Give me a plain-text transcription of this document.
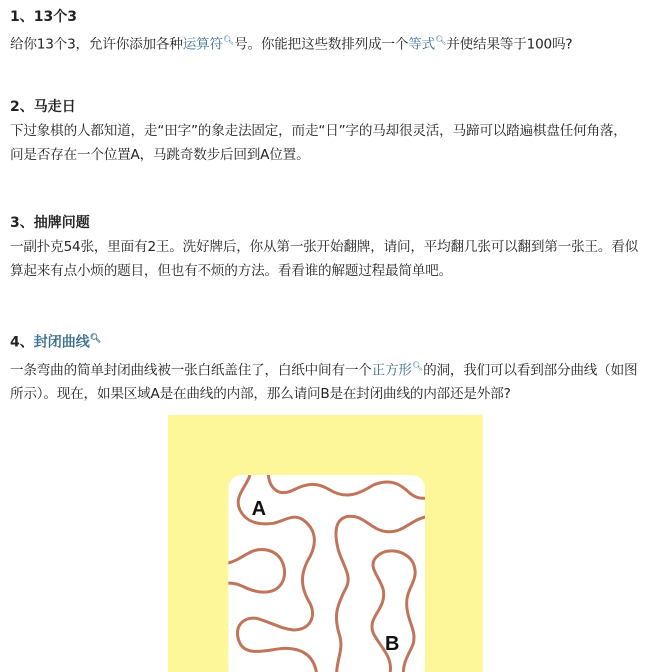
1、13个3

给你13个3，允许你添加各种运算符🔍︎号。你能把这些数排列成一个等式🔍︎并使结果等于100吗?

2、马走日

下过象棋的人都知道，走“田字”的象走法固定，而走“日”字的马却很灵活，马蹄可以踏遍棋盘任何角落，问是否存在一个位置A，马跳奇数步后回到A位置。

3、抽牌问题

一副扑克54张，里面有2王。洗好牌后，你从第一张开始翻牌，请问，平均翻几张可以翻到第一张王。看似算起来有点小烦的题目，但也有不烦的方法。看看谁的解题过程最简单吧。

4、封闭曲线🔍︎

一条弯曲的简单封闭曲线被一张白纸盖住了，白纸中间有一个正方形🔍︎的洞，我们可以看到部分曲线（如图所示）。现在，如果区域A是在曲线的内部，那么请问B是在封闭曲线的内部还是外部?

A
B
